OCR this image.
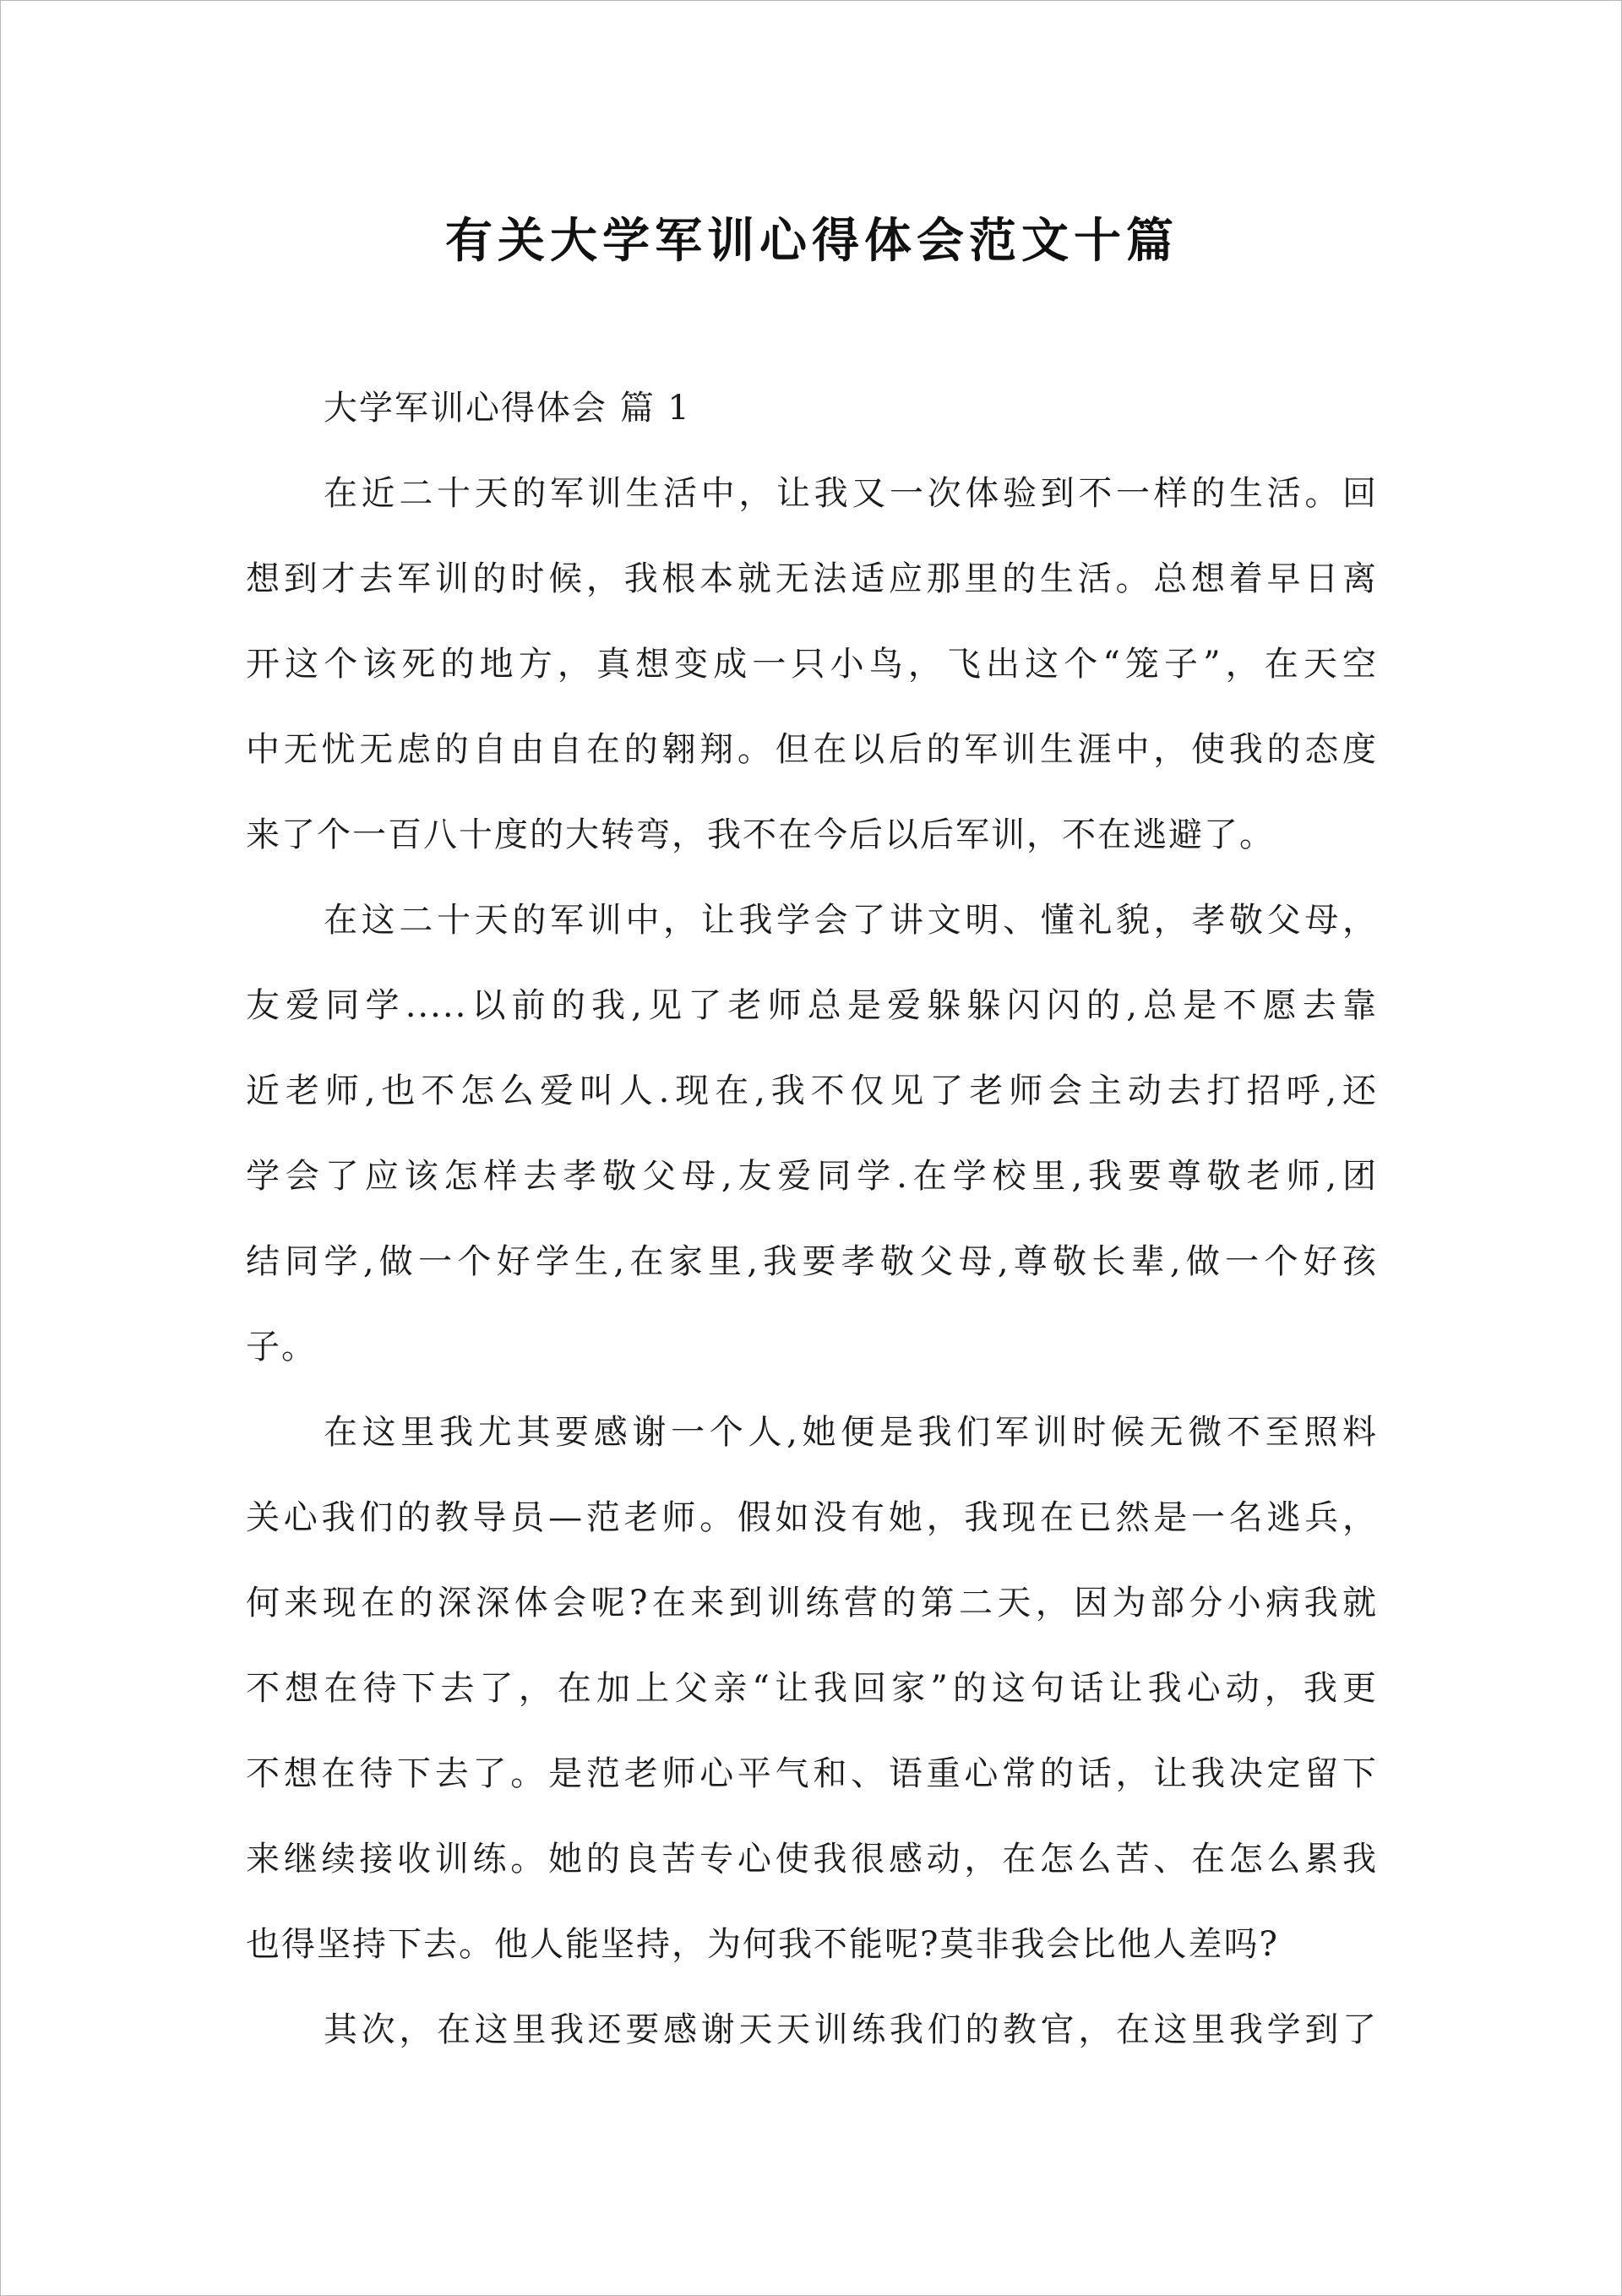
有关大学军训心得体会范文十篇
大学军训心得体会 篇 1
在近二十天的军训生活中，让我又一次体验到不一样的生活。回
想到才去军训的时候，我根本就无法适应那里的生活。总想着早日离
开这个该死的地方，真想变成一只小鸟，飞出这个“笼子”，在天空
中无忧无虑的自由自在的翱翔。但在以后的军训生涯中，使我的态度
来了个一百八十度的大转弯，我不在今后以后军训，不在逃避了。
在这二十天的军训中，让我学会了讲文明、懂礼貌，孝敬父母，
友爱同学.....以前的我,见了老师总是爱躲躲闪闪的,总是不愿去靠
近老师,也不怎么爱叫人.现在,我不仅见了老师会主动去打招呼,还
学会了应该怎样去孝敬父母,友爱同学.在学校里,我要尊敬老师,团
结同学,做一个好学生,在家里,我要孝敬父母,尊敬长辈,做一个好孩
子。
在这里我尤其要感谢一个人,她便是我们军训时候无微不至照料
关心我们的教导员—范老师。假如没有她，我现在已然是一名逃兵，
何来现在的深深体会呢?在来到训练营的第二天，因为部分小病我就
不想在待下去了，在加上父亲“让我回家”的这句话让我心动，我更
不想在待下去了。是范老师心平气和、语重心常的话，让我决定留下
来继续接收训练。她的良苦专心使我很感动，在怎么苦、在怎么累我
也得坚持下去。他人能坚持，为何我不能呢?莫非我会比他人差吗?
其次，在这里我还要感谢天天训练我们的教官，在这里我学到了
